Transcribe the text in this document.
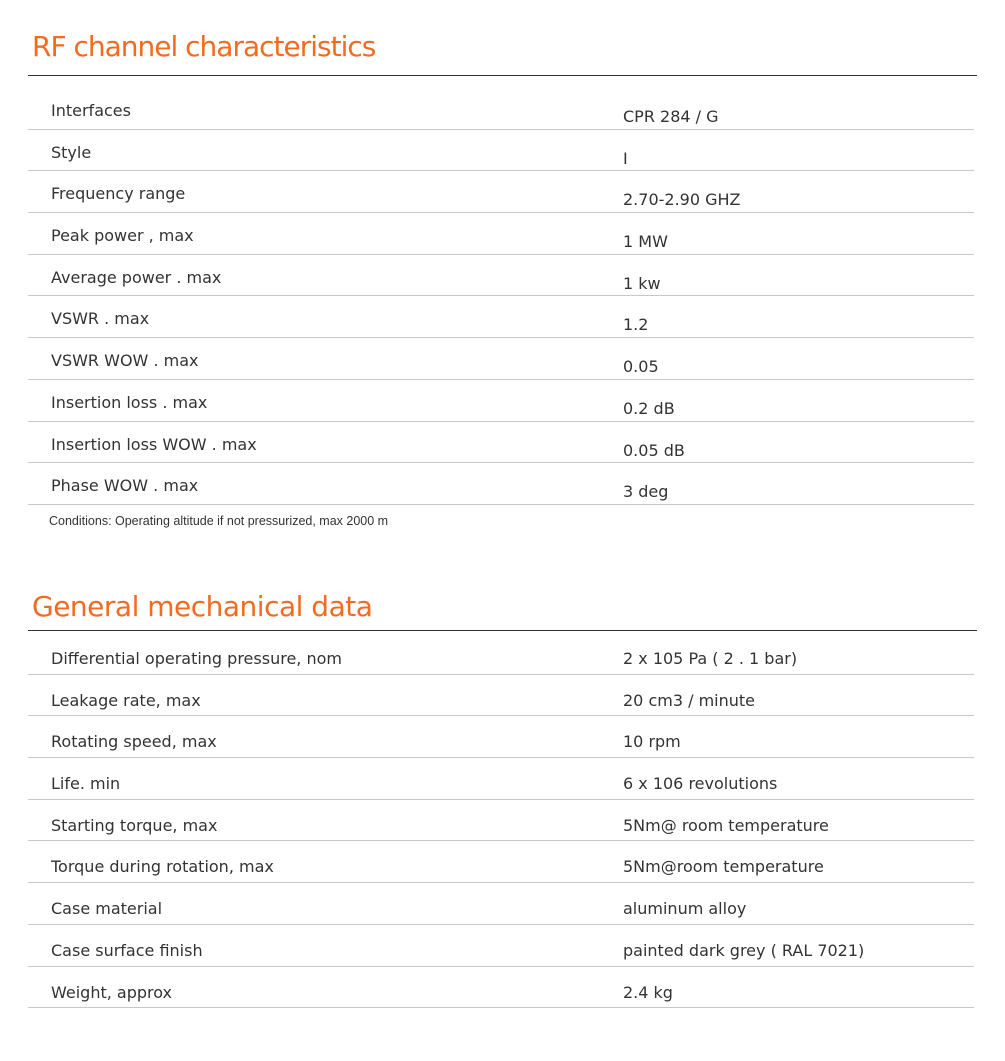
RF channel characteristics
Interfaces	CPR 284 / G
Style	I
Frequency range	2.70-2.90 GHZ
Peak power , max	1 MW
Average power . max	1 kw
VSWR . max	1.2
VSWR WOW . max	0.05
Insertion loss . max	0.2 dB
Insertion loss WOW . max	0.05 dB
Phase WOW . max	3 deg
Conditions: Operating altitude if not pressurized, max 2000 m
General mechanical data
Differential operating pressure, nom	2 x 105 Pa ( 2 . 1 bar)
Leakage rate, max	20 cm3 / minute
Rotating speed, max	10 rpm
Life. min	6 x 106 revolutions
Starting torque, max	5Nm@ room temperature
Torque during rotation, max	5Nm@room temperature
Case material	aluminum alloy
Case surface finish	painted dark grey ( RAL 7021)
Weight, approx	2.4 kg
